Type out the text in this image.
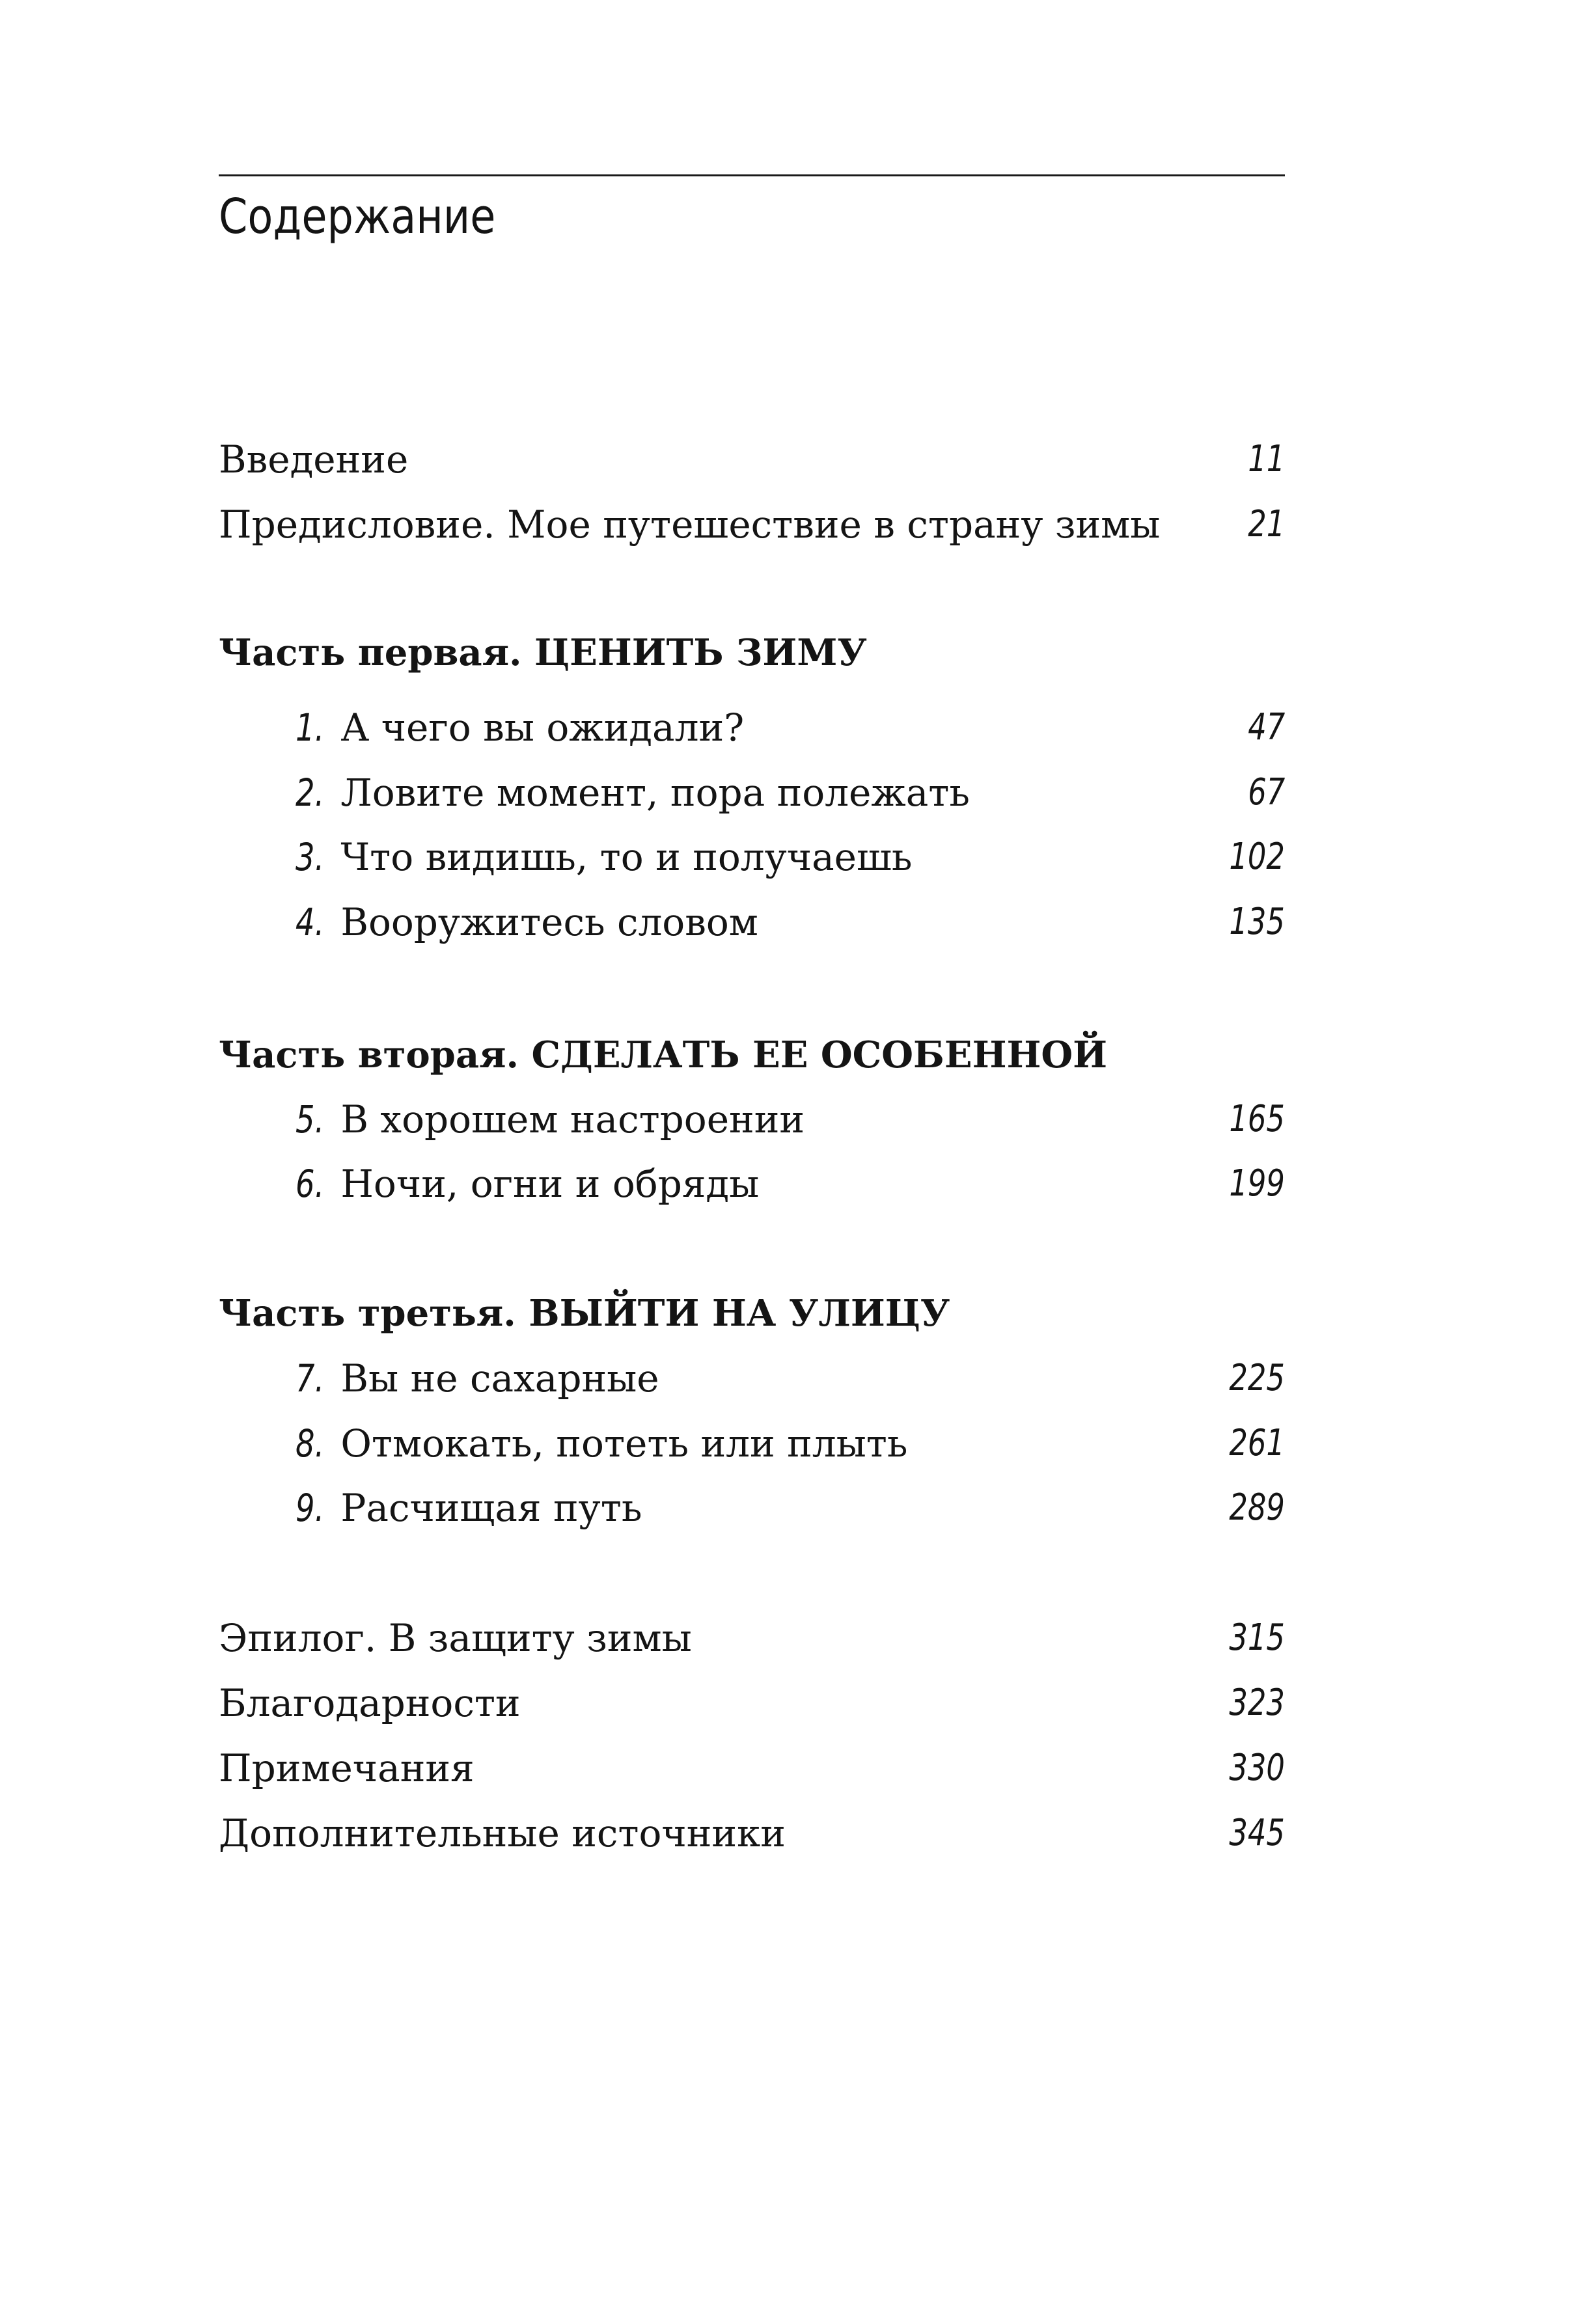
Содержание
Введение	11
Предисловие. Мое путешествие в страну зимы 21
Часть первая. ЦЕНИТЬ ЗИМУ
1. А чего вы ожидали?	47
2. Ловите момент, пора полежать	67
3. Что видишь, то и получаешь	102
4. Вооружитесь словом	135
Часть вторая. СДЕЛАТЬ ЕЕ ОСОБЕННОЙ
5. В хорошем настроении	165
6. Ночи, огни и обряды	199
Часть третья. ВЫЙТИ НА УЛИЦУ
7. Вы не сахарные	225
8. Отмокать, потеть или плыть	261
9. Расчищая путь	289
Эпилог. В защиту зимы	315
Благодарности	323
Примечания	330
Дополнительные источники	345
